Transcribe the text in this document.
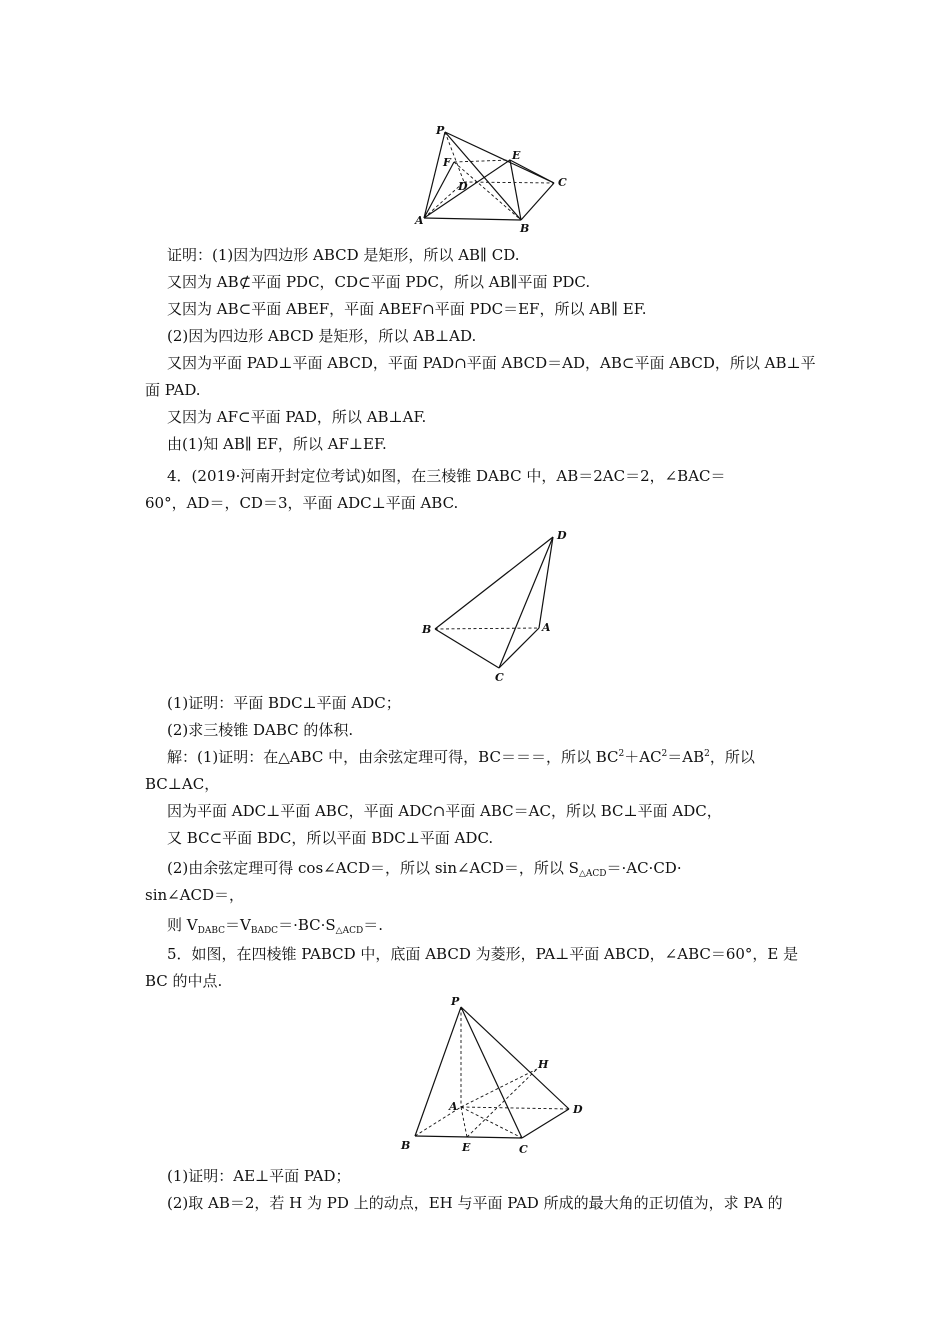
P
F
E
D	C
A
B
证明：(1)因为四边形 ABCD 是矩形，所以 AB∥ CD.
又因为 AB⊄平面 PDC，CD⊂平面 PDC，所以 AB∥平面 PDC.
又因为 AB⊂平面 ABEF，平面 ABEF∩平面 PDC＝EF，所以 AB∥ EF.
(2)因为四边形 ABCD 是矩形，所以 AB⊥AD.
又因为平面 PAD⊥平面 ABCD，平面 PAD∩平面 ABCD＝AD，AB⊂平面 ABCD，所以 AB⊥平
面 PAD.
又因为 AF⊂平面 PAD，所以 AB⊥AF.
由(1)知 AB∥ EF，所以 AF⊥EF.
4．(2019·河南开封定位考试)如图，在三棱锥 DABC 中，AB＝2AC＝2，∠BAC＝
60°，AD＝，CD＝3，平面 ADC⊥平面 ABC.
D
B	A
C
(1)证明：平面 BDC⊥平面 ADC；
(2)求三棱锥 DABC 的体积.
解：(1)证明：在△ABC 中，由余弦定理可得，BC＝＝＝，所以 $BC^2+AC^2=AB^2$，所以
BC⊥AC，
因为平面 ADC⊥平面 ABC，平面 ADC∩平面 ABC＝AC，所以 BC⊥平面 ADC，
又 BC⊂平面 BDC，所以平面 BDC⊥平面 ADC.
(2)由余弦定理可得 cos∠ACD＝，所以 sin∠ACD＝，所以 $S_{\triangle ACD}=\cdot AC\cdot CD\cdot$
sin∠ACD＝，
则 $V_{DABC}=V_{BADC}=\cdot BC\cdot S_{\triangle ACD}=$.
5．如图，在四棱锥 PABCD 中，底面 ABCD 为菱形，PA⊥平面 ABCD，∠ABC＝60°，E 是
BC 的中点.
P
H
A	D
B	E	C
(1)证明：AE⊥平面 PAD；
(2)取 AB＝2，若 H 为 PD 上的动点，EH 与平面 PAD 所成的最大角的正切值为，求 PA 的
